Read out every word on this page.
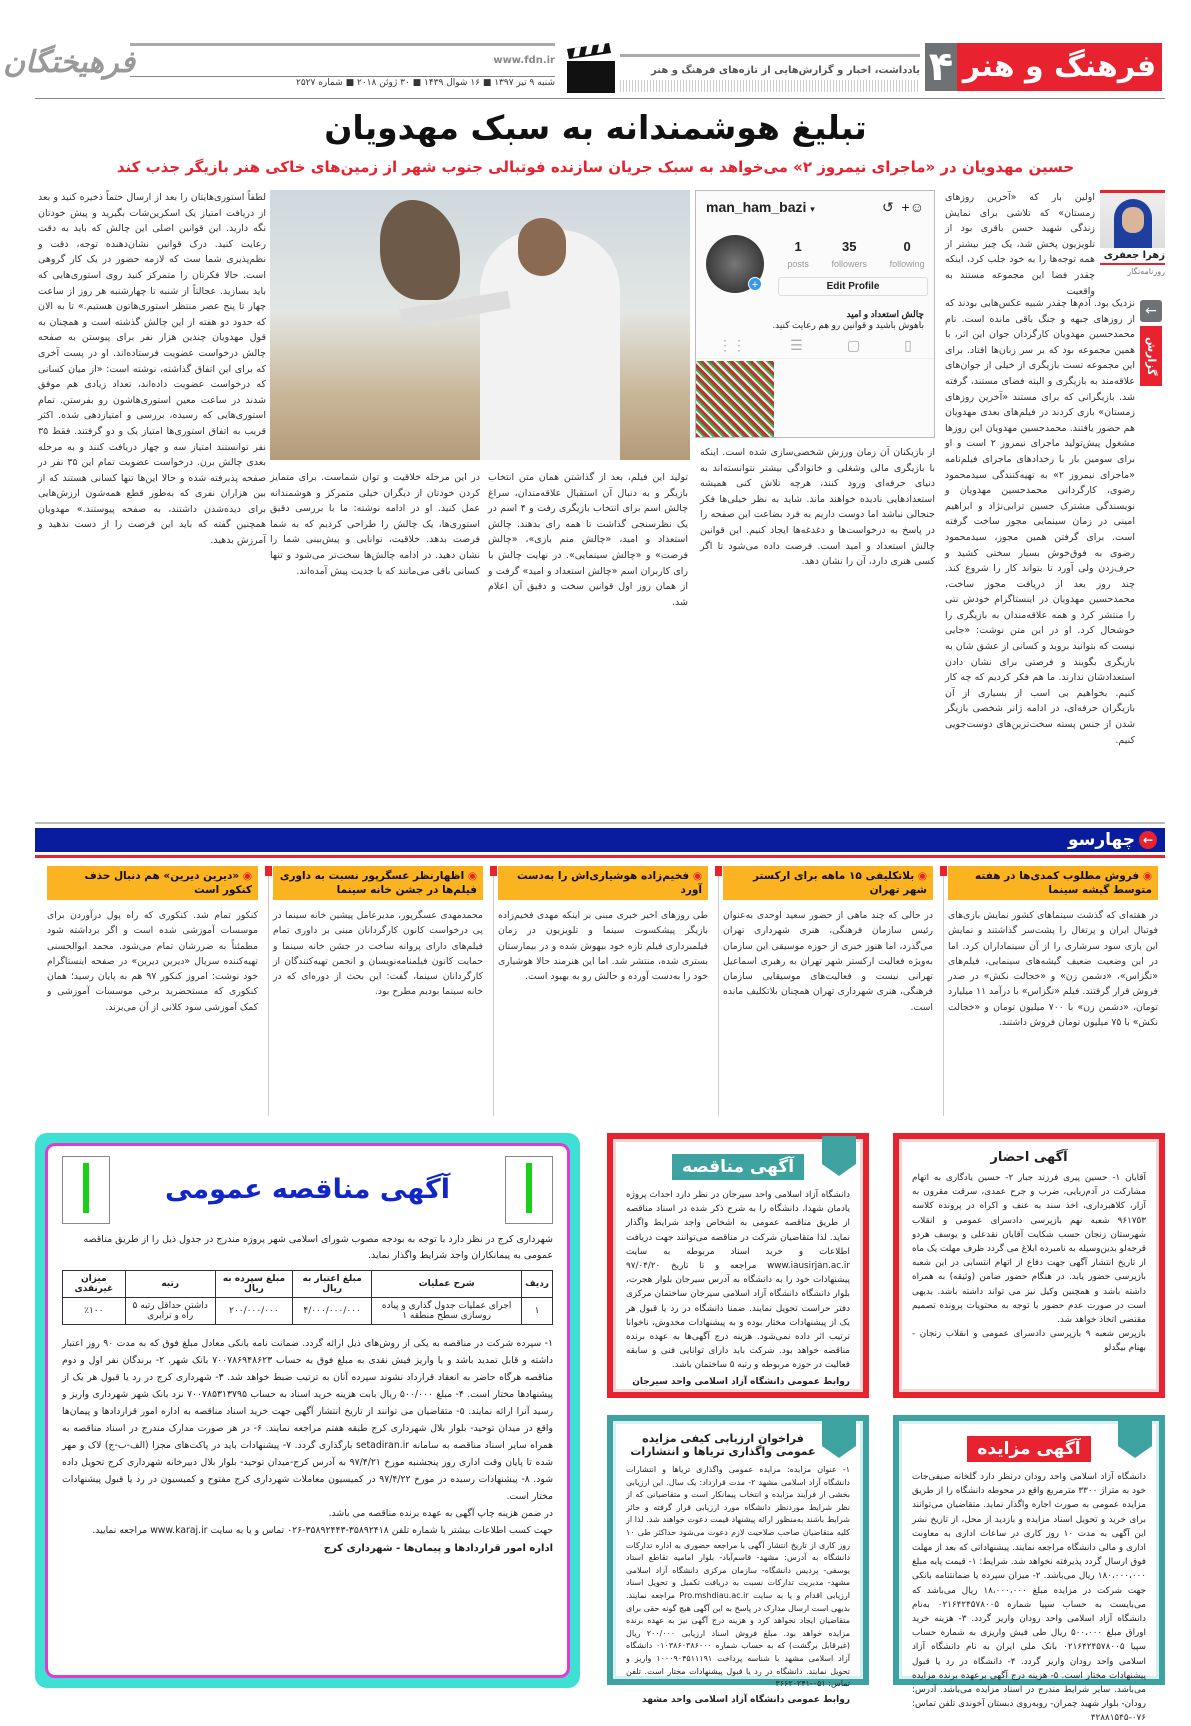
فرهنگ و هنر
۴
یادداشت، اخبار و گزارش‌هایی از تازه‌های فرهنگ و هنر
www.fdn.ir
شنبه ۹ تیر ۱۳۹۷ ■ ۱۶ شوال ۱۴۳۹ ■ ۳۰ ژوئن ۲۰۱۸ ■ شماره ۲۵۲۷
فرهیختگان
تبلیغ هوشمندانه به سبک مهدویان
حسین مهدویان در «ماجرای نیمروز ۲» می‌خواهد به سبک جریان سازنده فوتبالی جنوب شهر از زمین‌های خاکی هنر بازیگر جذب کند
زهرا جعفری
روزنامه‌نگار
←
گزارش
اولین بار که «آخرین روزهای زمستان» که تلاشی برای نمایش زندگی شهید حسن باقری بود از تلویزیون پخش شد، یک چیز بیشتر از همه توجه‌ها را به خود جلب کرد، اینکه چقدر فضا این مجموعه مستند به واقعیت
نزدیک بود. آدم‌ها چقدر شبیه عکس‌هایی بودند که از روزهای جبهه و جنگ باقی مانده است. نام محمدحسین مهدویان کارگردان جوان این اثر، با همین مجموعه بود که بر سر زبان‌ها افتاد. برای این مجموعه تست بازیگری از خیلی از جوان‌های علاقه‌مند به بازیگری و البته فضای مستند، گرفته شد. بازیگرانی که برای مستند «آخرین روزهای زمستان» بازی کردند در فیلم‌های بعدی مهدویان هم حضور یافتند. محمدحسین مهدویان این روزها مشغول پیش‌تولید ماجرای نیمروز ۲ است و او برای سومین بار با رخدادهای ماجرای فیلم‌نامه «ماجرای نیمروز ۲» به تهیه‌کنندگی سیدمحمود رضوی، کارگردانی محمدحسین مهدویان و نویسندگی مشترک حسین ترابی‌نژاد و ابراهیم امینی در زمان سینمایی مجوز ساخت گرفته است. برای گرفتن همین مجوز، سیدمحمود رضوی به فوق‌خوش بسیار سختی کشید و حرف‌زدن ولی آورد تا بتواند کار را شروع کند. چند روز بعد از دریافت مجوز ساخت، محمدحسین مهدویان در اینستاگرام خودش نتی را منتشر کرد و همه علاقه‌مندان به بازیگری را خوشحال کرد. او در این متن نوشت: «جایی نیست که بتوانید بروید و کسانی از عشق شان به بازیگری بگویند و فرصتی برای نشان دادن استعدادشان ندارند. ما هم فکر کردیم که چه کار کنیم. بخواهیم بی اسب از بسیاری از آن بازیگران حرفه‌ای، در ادامه ژانر شخصی بازیگر شدن از جنس پسته سخت‌ترین‌های دوست‌جویی کنیم.
man_ham_bazi ▾	↺ +☺
+
1
posts
35
followers
0
following
Edit Profile
چالش استعداد و امید
باهوش باشید و قوانین رو هم رعایت کنید.
⋮⋮	☰	▢	▯
لطفاً استوری‌هایتان را بعد از ارسال حتماً ذخیره کنید و بعد از دریافت امتیاز یک اسکرین‌شات بگیرید و پیش خودتان نگه دارید. این قوانین اصلی این چالش که باید به دقت رعایت کنید. درک قوانین نشان‌دهنده توجه، دقت و نظم‌پذیری شما ست که لازمه حضور در یک کار گروهی است. حالا فکرتان را متمرکز کنید روی استوری‌هایی که باید بسازید. عجالتاً از شنبه تا چهارشنبه هر روز از ساعت چهار تا پنج عصر منتظر استوری‌هاتون هستیم.» تا به الان که حدود دو هفته از این چالش گذشته است و همچنان به قول مهدویان چندین هزار نفر برای پیوستن به صفحه چالش درخواست عضویت فرستاده‌اند. او در پست آخری که برای این اتفاق گذاشته، نوشته است: «از میان کسانی که درخواست عضویت داده‌اند، تعداد زیادی هم موفق شدند در ساعت معین استوری‌هاشون رو بفرستن. تمام استوری‌هایی که رسیده، بررسی و امتیازدهی شده. اکثر قریب به اتفاق استوری‌ها امتیاز یک و دو گرفتند. فقط ۳۵ نفر توانستند امتیاز سه و چهار دریافت کنند و به مرحله بعدی چالش برن. درخواست عضویت تمام این ۳۵ نفر در صفحه پذیرفته شده و حالا این‌ها تنها کسانی هستند که از بین هزاران نفری که به‌طور قطع همه‌شون ارزش‌هایی برای دیده‌شدن داشتند، به صفحه پیوستند.» مهدویان همچنین گفته که باید این فرصت را از دست ندهید و آمرزش بدهید.
از بازیکنان آن زمان ورزش شخصی‌سازی شده است. اینکه با بازیگری مالی وشغلی و خانوادگی بیشتر نتوانسته‌اند به دنیای حرفه‌ای ورود کنند، هرچه تلاش کنی همیشه استعدادهایی نادیده خواهند ماند. شاید به نظر خیلی‌ها فکر جنجالی نباشد اما دوست داریم به فرد بضاعت این صفحه را در پاسخ به درخواست‌ها و دغدغه‌ها ایجاد کنیم. این قوانین چالش استعداد و امید است. فرصت داده می‌شود تا اگر کسی هنری دارد، آن را نشان دهد.
تولید این فیلم، بعد از گذاشتن همان متن انتخاب بازیگر و به دنبال آن استقبال علاقه‌مندان، سراغ چالش اسم برای انتخاب بازیگری رفت و ۴ اسم در یک نظرسنجی گذاشت تا همه رای بدهند. چالش استعداد و امید، «چالش منم بازی»، «چالش فرصت» و «چالش سینمایی». در نهایت چالش با رای کاربران اسم «چالش استعداد و امید» گرفت و از همان روز اول قوانین سخت و دقیق آن اعلام شد.
در این مرحله خلاقیت و توان شماست. برای متمایز کردن خودتان از دیگران خیلی متمرکز و هوشمندانه عمل کنید. او در ادامه نوشته: ما با بررسی دقیق استوری‌ها، یک چالش را طراحی کردیم که به شما فرصت بدهد. خلاقیت، توانایی و پیش‌بینی شما را نشان دهید. در ادامه چالش‌ها سخت‌تر می‌شود و تنها کسانی باقی می‌مانند که با جدیت پیش آمده‌اند.
←چهارسو
◉ فروش مطلوب کمدی‌ها در هفته متوسط گیشه سینما
در هفته‌ای که گذشت سینماهای کشور نمایش بازی‌های فوتبال ایران و پرتغال را پشت‌سر گذاشتند و نمایش این بازی سود سرشاری را از آن سینماداران کرد. اما در این وضعیت ضعیف گیشه‌های سینمایی، فیلم‌های «تگزاس»، «دشمن زن» و «خجالت نکش» در صدر فروش قرار گرفتند. فیلم «تگزاس» با درآمد ۱۱ میلیارد تومان، «دشمن زن» با ۷۰۰ میلیون تومان و «خجالت نکش» با ۷۵ میلیون تومان فروش داشتند.
◉ بلاتکلیفی ۱۵ ماهه برای ارکستر شهر تهران
در حالی که چند ماهی از حضور سعید اوحدی به‌عنوان رئیس سازمان فرهنگی، هنری شهرداری تهران می‌گذرد، اما هنوز خبری از حوزه موسیقی این سازمان به‌ویژه فعالیت ارکستر شهر تهران به رهبری اسماعیل تهرانی نیست و فعالیت‌های موسیقایی سازمان فرهنگی، هنری شهرداری تهران همچنان بلاتکلیف مانده است.
◉ فخیم‌زاده هوشیاری‌اش را به‌دست آورد
طی روزهای اخیر خبری مبنی بر اینکه مهدی فخیم‌زاده بازیگر پیشکسوت سینما و تلویزیون در زمان فیلمبرداری فیلم تازه خود بیهوش شده و در بیمارستان بستری شده، منتشر شد. اما این هنرمند حالا هوشیاری خود را به‌دست آورده و حالش رو به بهبود است.
◉ اظهارنظر عسگرپور نسبت به داوری فیلم‌ها در جشن خانه سینما
محمدمهدی عسگرپور، مدیرعامل پیشین خانه سینما در پی درخواست کانون کارگردانان مبنی بر داوری تمام فیلم‌های دارای پروانه ساخت در جشن خانه سینما و حمایت کانون فیلمنامه‌نویسان و انجمن تهیه‌کنندگان از کارگردانان سینما، گفت: این بحث از دوره‌ای که در خانه سینما بودیم مطرح بود.
◉ «دیرین دیرین» هم دنبال حذف کنکور است
کنکور تمام شد. کنکوری که راه پول درآوردن برای موسسات آموزشی شده است و اگر برداشته شود مطمئناً به ضررشان تمام می‌شود. محمد ابوالحسنی تهیه‌کننده سریال «دیرین دیرین» در صفحه اینستاگرام خود نوشت: امروز کنکور ۹۷ هم به پایان رسید؛ همان کنکوری که مستحضرید برخی موسسات آموزشی و کمک آموزشی سود کلانی از آن می‌برند.
آگهی مناقصه عمومی
شهرداری کرج در نظر دارد با توجه به بودجه مصوب شورای اسلامی شهر پروژه مندرج در جدول ذیل را از طریق مناقصه عمومی به پیمانکاران واجد شرایط واگذار نماید.
ردیف	شرح عملیات	مبلغ اعتبار به ریال	مبلغ سپرده به ریال	رتبه	میزان غیرنقدی
۱	اجرای عملیات جدول گذاری و پیاده روسازی سطح منطقه ۱	۴/۰۰۰/۰۰۰/۰۰۰	۲۰۰/۰۰۰/۰۰۰	داشتن حداقل رتبه ۵ راه و ترابری	٪۱۰۰
۱- سپرده شرکت در مناقصه به یکی از روش‌های ذیل ارائه گردد. ضمانت نامه بانکی معادل مبلغ فوق که به مدت ۹۰ روز اعتبار داشته و قابل تمدید باشد و یا واریز فیش نقدی به مبلغ فوق به حساب ۷۰۰۷۸۶۹۴۸۶۲۳ بانک شهر. ۲- برندگان نفر اول و دوم مناقصه هرگاه حاضر به انعقاد قرارداد نشوند سپرده آنان به ترتیب ضبط خواهد شد. ۳- شهرداری کرج در رد یا قبول هر یک از پیشنهادها مختار است. ۴- مبلغ ۵۰۰/۰۰۰ ریال بابت هزینه خرید اسناد به حساب ۷۰۰۷۸۵۳۱۳۷۹۵ نزد بانک شهر شهرداری واریز و رسید آنرا ارائه نمایند. ۵- متقاضیان می توانند از تاریخ انتشار آگهی جهت خرید اسناد مناقصه به اداره امور قراردادها و پیمان‌ها واقع در میدان توحید- بلوار بلال شهرداری کرج طبقه هفتم مراجعه نمایند. ۶- در هر صورت مدارک مندرج در اسناد مناقصه به همراه سایر اسناد مناقصه به سامانه setadiran.ir بارگذاری گردد. ۷- پیشنهادات باید در پاکت‌های مجزا (الف-ب-ج) لاک و مهر شده تا پایان وقت اداری روز پنجشنبه مورخ ۹۷/۴/۲۱ به آدرس کرج-میدان توحید- بلوار بلال دبیرخانه شهرداری کرج تحویل داده شود. ۸- پیشنهادات رسیده در مورخ ۹۷/۴/۲۲ در کمیسیون معاملات شهرداری کرج مفتوح و کمیسیون در رد یا قبول پیشنهادات مختار است.
در ضمن هزینه چاپ آگهی به عهده برنده مناقصه می باشد.
جهت کسب اطلاعات بیشتر با شماره تلفن ۳۵۸۹۲۴۱۸-۳۵۸۹۲۴۴۳-۰۲۶ تماس و یا به سایت www.karaj.ir مراجعه نمایید.
اداره امور قراردادها و پیمان‌ها - شهرداری کرج
آگهی احضار

آقایان ۱- حسین پیری فرزند جبار ۲- حسین یادگاری به اتهام مشارکت در آدم‌ربایی، ضرب و جرح عمدی، سرقت مقرون به آزار، کلاهبرداری، اخذ سند به عنف و اکراه در پرونده کلاسه ۹۶۱۷۵۳ شعبه نهم بازپرسی دادسرای عمومی و انقلاب شهرستان زنجان حسب شکایت آقایان نقدعلی و یوسف هردو قرجه‌لو بدین‌وسیله به نامبرده ابلاغ می گردد ظرف مهلت یک ماه از تاریخ انتشار آگهی جهت دفاع از اتهام انتسابی در این شعبه بازپرسی حضور یابد. در هنگام حضور ضامن (وثیقه) به همراه داشته باشد و همچنین وکیل نیز می تواند داشته باشد. بدیهی است در صورت عدم حضور با توجه به محتویات پرونده تصمیم مقتضی اتخاذ خواهد شد.

بازپرس شعبه ۹ بازپرسی دادسرای عمومی و انقلاب زنجان - بهنام بیگدلو

آگهی مناقصه

دانشگاه آزاد اسلامی واحد سیرجان در نظر دارد احداث پروژه یادمان شهدا، دانشگاه را به شرح ذکر شده در اسناد مناقصه از طریق مناقصه عمومی به اشخاص واجد شرایط واگذار نماید. لذا متقاضیان شرکت در مناقصه می‌توانند جهت دریافت اطلاعات و خرید اسناد مربوطه به سایت www.iausirjan.ac.ir مراجعه و تا تاریخ ۹۷/۰۴/۲۰ پیشنهادات خود را به دانشگاه به آدرس سیرجان بلوار هجرت، بلوار دانشگاه دانشگاه آزاد اسلامی سیرجان ساختمان مرکزی دفتر حراست تحویل نمایند. ضمنا دانشگاه در رد یا قبول هر یک از پیشنهادات مختار بوده و به پیشنهادات مخدوش، ناخوانا ترتیب اثر داده نمی‌شود. هزینه درج آگهی‌ها به عهده برنده مناقصه خواهد بود. شرکت باید دارای توانایی فنی و سابقه فعالیت در حوزه مربوطه و رتبه ۵ ساختمان باشد.

روابط عمومی دانشگاه آزاد اسلامی واحد سیرجان
آگهی مزایده

دانشگاه آزاد اسلامی واحد رودان درنظر دارد گلخانه صیفی‌جات خود به متراژ ۳۳۰۰ مترمربع واقع در محوطه دانشگاه را از طریق مزایده عمومی به صورت اجاره واگذار نماید. متقاضیان می‌توانند برای خرید و تحویل اسناد مزایده و بازدید از محل، از تاریخ نشر این آگهی به مدت ۱۰ روز کاری در ساعات اداری به معاونت اداری و مالی دانشگاه مراجعه نمایند. پیشنهاداتی که بعد از مهلت فوق ارسال گردد پذیرفته نخواهد شد. شرایط: ۱- قیمت پایه مبلغ ۱۸۰،۰۰۰،۰۰۰ ریال می‌باشد. ۲- میزان سپرده یا ضمانتنامه بانکی جهت شرکت در مزایده مبلغ ۱۸،۰۰۰،۰۰۰ ریال می‌باشد که می‌بایست به حساب سپیا شماره ۰۲۱۶۴۲۴۵۷۸۰۰۵ به‌نام دانشگاه آزاد اسلامی واحد رودان واریز گردد. ۳- هزینه خرید اوراق مبلغ ۵۰۰،۰۰۰ ریال طی فیش واریزی به شماره حساب سپیا ۰۲۱۶۴۲۴۵۷۸۰۰۵ بانک ملی ایران به نام دانشگاه آزاد اسلامی واحد رودان واریز گردد. ۴- دانشگاه در رد یا قبول پیشنهادات مختار است. ۵- هزینه درج آگهی برعهده برنده مزایده می‌باشد. سایر شرایط مندرج در اسناد مزایده می‌باشد. آدرس: رودان- بلوار شهید چمران- روبه‌روی دبستان آخوندی تلفن تماس: ۰۷۶-۴۲۸۸۱۵۴۵

فراخوان ارزیابی کیفی مزایده عمومی واگذاری تریاها و انتشارات

۱- عنوان مزایده: مزایده عمومی واگذاری تریاها و انتشارات دانشگاه آزاد اسلامی مشهد ۲- مدت قرارداد: یک سال. این ارزیابی بخشی از فرآیند مزایده و انتخاب پیمانکار است و متقاضیانی که از نظر شرایط موردنظر دانشگاه مورد ارزیابی قرار گرفته و حائز شرایط باشند به‌منظور ارائه پیشنهاد قیمت دعوت خواهند شد. لذا از کلیه متقاضیان صاحب صلاحیت لازم دعوت می‌شود حداکثر طی ۱۰ روز کاری از تاریخ انتشار آگهی با مراجعه حضوری به اداره تدارکات دانشگاه به آدرس: مشهد- قاسم‌آباد- بلوار امامیه تقاطع استاد یوسفی- پردیس دانشگاه- سازمان مرکزی دانشگاه آزاد اسلامی مشهد- مدیریت تدارکات نسبت به دریافت تکمیل و تحویل اسناد ارزیابی اقدام و یا به سایت Pro.mshdiau.ac.ir مراجعه نمایند. بدیهی است ارسال مدارک در پاسخ به این آگهی هیچ گونه حقی برای متقاضیان ایجاد نخواهد کرد و هزینه درج آگهی نیز به عهده برنده مزایده خواهد بود. مبلغ فروش اسناد ارزیابی ۲۰۰/۰۰۰ ریال (غیرقابل برگشت) که به حساب شماره ۰۱۰۳۸۶۰۳۸۶۰۰۰ دانشگاه آزاد اسلامی مشهد با شناسه پرداخت ۱۰۰۰۹۰۴۵۱۱۱۹۱ واریز و تحویل نمایند. دانشگاه در رد یا قبول پیشنهادات مختار است. تلفن تماس: ۰۵۱-۳۶۶۲۰۲۴۱

روابط عمومی دانشگاه آزاد اسلامی واحد مشهد
